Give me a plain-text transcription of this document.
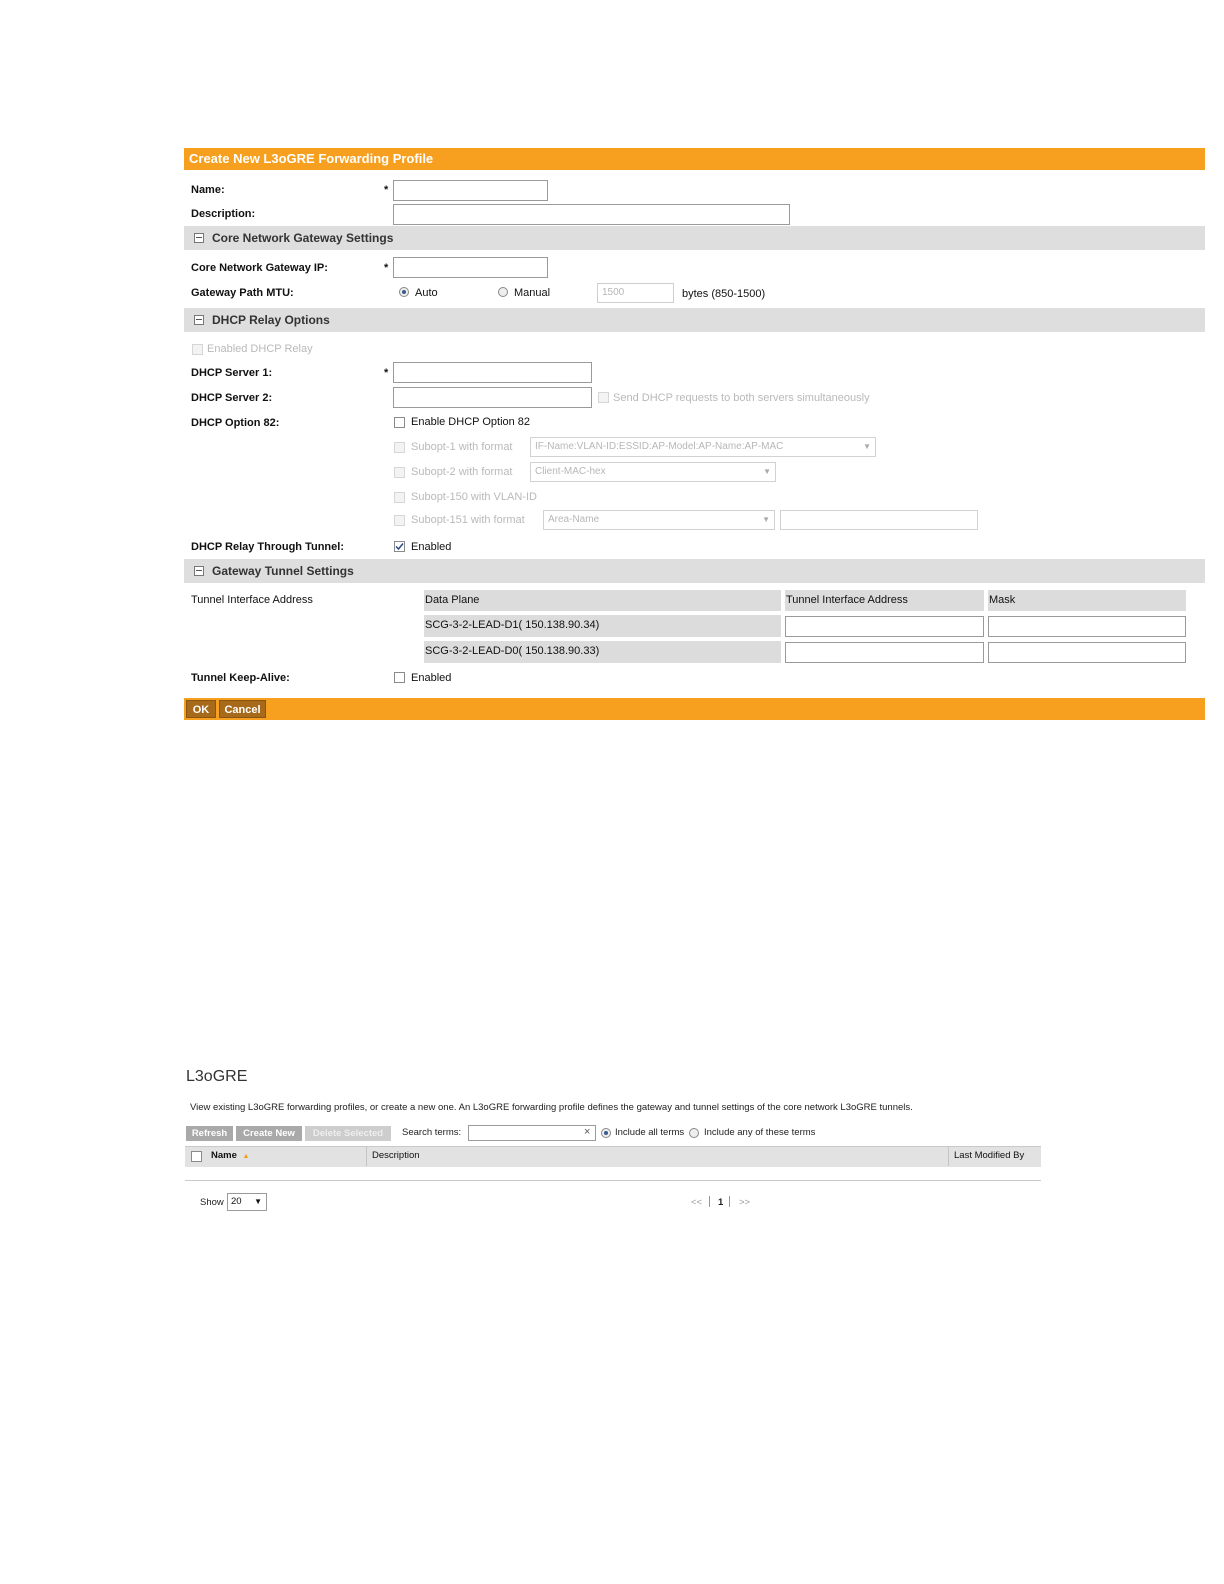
Create New L3oGRE Forwarding Profile
Name:	*
Description:
Core Network Gateway Settings
Core Network Gateway IP:	*
Gateway Path MTU:	Auto	Manual	1500	bytes (850-1500)
DHCP Relay Options
Enabled DHCP Relay
DHCP Server 1:	*
DHCP Server 2:	Send DHCP requests to both servers simultaneously
DHCP Option 82:	Enable DHCP Option 82
Subopt-1 with format	IF-Name:VLAN-ID:ESSID:AP-Model:AP-Name:AP-MAC	▼
Subopt-2 with format	Client-MAC-hex	▼
Subopt-150 with VLAN-ID
Subopt-151 with format	Area-Name	▼
DHCP Relay Through Tunnel:	Enabled
Gateway Tunnel Settings
Tunnel Interface Address	Data Plane	Tunnel Interface Address	Mask
SCG-3-2-LEAD-D1( 150.138.90.34)
SCG-3-2-LEAD-D0( 150.138.90.33)
Tunnel Keep-Alive:	Enabled
OK	Cancel
L3oGRE
View existing L3oGRE forwarding profiles, or create a new one. An L3oGRE forwarding profile defines the gateway and tunnel settings of the core network L3oGRE tunnels.
Refresh	Create New	Delete Selected	Search terms:	×	Include all terms Include any of these terms
Name ▲	Description	Last Modified By
Show 20 ▼	<< 1 >>
